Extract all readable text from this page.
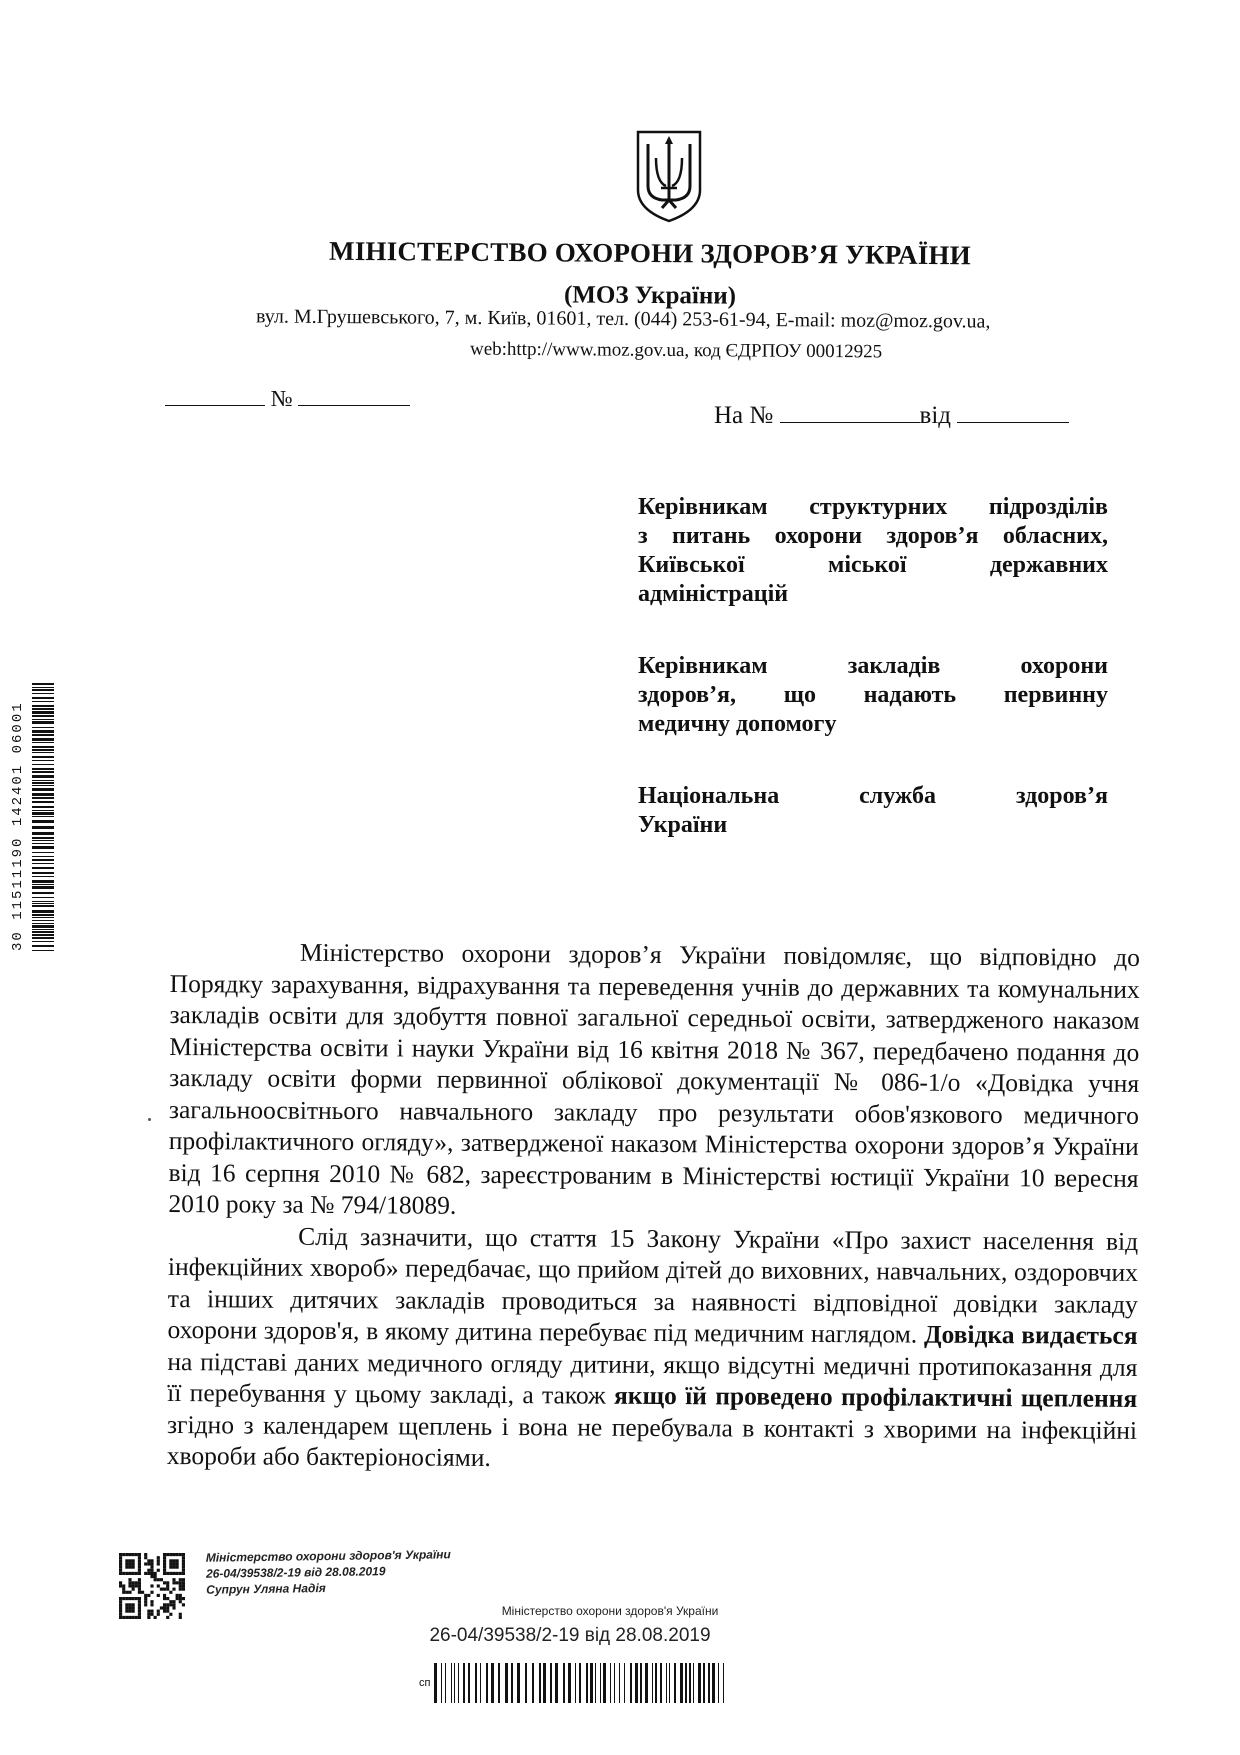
МІНІСТЕРСТВО ОХОРОНИ ЗДОРОВ’Я УКРАЇНИ
(МОЗ України)
вул. М.Грушевського, 7, м. Київ, 01601, тел. (044) 253-61-94, E-mail: moz@moz.gov.ua,
web:http://www.moz.gov.ua, код ЄДРПОУ 00012925
№
На №	від
Керівникам структурних підрозділів
з питань охорони здоров’я обласних,
Київської міської державних
адміністрацій
Керівникам закладів охорони
здоров’я, що надають первинну
медичну допомогу
Національна служба здоров’я
України

Міністерство охорони здоров’я України повідомляє, що відповідно до Порядку зарахування, відрахування та переведення учнів до державних та комунальних закладів освіти для здобуття повної загальної середньої освіти, затвердженого наказом Міністерства освіти і науки України від 16 квітня 2018 № 367, передбачено подання до закладу освіти форми первинної облікової документації № 086-1/о «Довідка учня загальноосвітнього навчального закладу про результати обов'язкового медичного профілактичного огляду», затвердженої наказом Міністерства охорони здоров’я України від 16 серпня 2010 № 682, зареєстрованим в Міністерстві юстиції України 10 вересня 2010 року за № 794/18089.

Слід зазначити, що стаття 15 Закону України «Про захист населення від інфекційних хвороб» передбачає, що прийом дітей до виховних, навчальних, оздоровчих та інших дитячих закладів проводиться за наявності відповідної довідки закладу охорони здоров'я, в якому дитина перебуває під медичним наглядом. Довідка видається на підставі даних медичного огляду дитини, якщо відсутні медичні протипоказання для її перебування у цьому закладі, а також якщо їй проведено профілактичні щеплення згідно з календарем щеплень і вона не перебувала в контакті з хворими на інфекційні хвороби або бактеріоносіями.

30 11511190 142401 06001
Міністерство охорони здоров'я України
26-04/39538/2-19 від 28.08.2019
Супрун Уляна Надія
Міністерство охорони здоров'я України
26-04/39538/2-19 від 28.08.2019
сп
